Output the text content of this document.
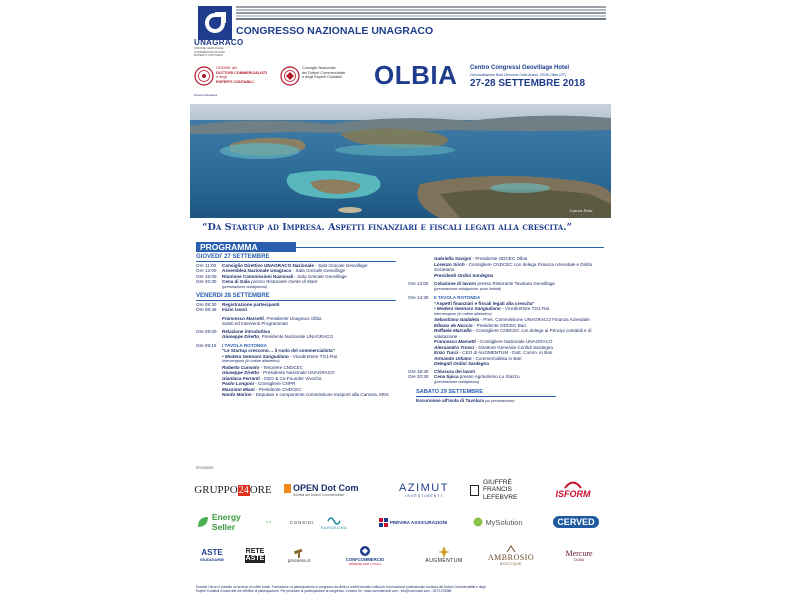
UNAGRACO
UNIONE NAZIONALE COMMERCIALISTI ED ESPERTI CONTABILI
CONGRESSO NAZIONALE UNAGRACO
ORDINE dei
DOTTORI COMMERCIALISTI
e degli
ESPERTI CONTABILI
Tempio Pausania
Consiglio Nazionale
dei Dottori Commercialisti
e degli Esperti Contabili OLBIA Centro Congressi Geovillage Hotel
Circonvallazione Nord Direzione Golfo Aranci, 07026 Olbia (OT)
27-28 SETTEMBRE 2018
Lanza Foto
“Da Startup ad Impresa. Aspetti finanziari e fiscali legati alla crescita.”
PROGRAMMA
GIOVEDI' 27 SETTEMBRE
Ore 11:00	Consiglio Direttivo UNAGRACO Nazionale - Sala Gracale Geovillage
Ore 12:00	Assemblea Nazionale Unagraco - Sala Grecale Geovillage
Ore 15:00	Riunione Commissioni Nazionali - Sala Grecale Geovillage
Ore 20:30	Cena di Gala presso Ristorante Gente di Mare
(prenotazione obbligatoria)
VENERDI 28 SETTEMBRE
Ore 08:30	Registrazione partecipanti
Ore 08:45	Inizio lavori
Francesco Marcetti, Presidente Unagraco Olbia
Saluti ed Interventi Programmati
Ore 09:00	Relazione introduttiva
Giuseppe Diretto, Presidente Nazionale UNAGRACO
Ore 09:15	I TAVOLA ROTONDA
“Le Startup crescono… il ruolo del commercialista”
• Modera Gennaro Sangiuliano - Vicedirettore TG1-Rai
Intervengono (in ordine alfabetico)
Roberto Cunsolo - Tesoriere CNDCEC
Giuseppe Diretto - Presidente Nazionale UNAGRACO
Gianluca Ferranti - CEO & Co-Founder Vivocha
Paolo Longoni - Consigliere CNPR
Massimo Miani - Presidente CNDCEC
Nardo Marino - Deputato e componente commissione trasporti alla Camera, M5S
Gabriella Savigni - Presidente ODCEC Olbia
Lorenzo Sirch - Consigliere CNDCEC con delega Finanza Aziendale e Diritto Societario
Presidenti Ordini Sardegna
Ore 13:00	Colazione di lavoro presso Ristorante Tavolara Geovillage
(prenotazione obbligatoria, posti limitati)
Ore 14:30	II TAVOLA ROTONDA
“Aspetti finanziari e fiscali legati alla crescita”
• Modera Gennaro Sangiuliano - Vicedirettore TG1-Rai
Intervengono (in ordine alfabetico)
Sebastiano Gadaleta - Pres. Commissione UNAGRACO Finanza Aziendale
Elbano de Nuccio - Presidente ODCEC Bari
Raffaele Marcello - Consigliere CNDCEC con delega ai Principi contabili e di valutazione
Francesco Marcetti - Consigliere Nazionale UNAGRACO
Alessandro Tronci - Direttore Generale Confidi Sardegna
Enzo Tucci - CEO di AUGMENTUM - Dott. Comm. in Bari
Armando Urbano - Commercialista in Bari
Delegati Ordini Sardegna
Ore 18:30	Chiusura dei lavori
Ore 20:30	Cena tipica presso Agriturismo Lu Stazzu
(prenotazione obbligatoria)
SABATO 29 SETTEMBRE
Escursione all'Isola di Tavolara (su prenotazione)
SPONSOR:
GRUPPO 24 ORE OPEN Dot Com
Società dei Dottori Commercialisti
AZIMUT
INVESTIMENTI
GIUFFRÈ
FRANCIS
LEFEBVRE	ISFORM
Energy Seller	S.r.l.	CONSIDI
SARDEGNA
PRÉVIRA ASSICURAZIONI	MySolution	CERVED
ASTE
GIUDIZIARIE
RETE
ASTE	processo.it	CONFCOMMERCIO
IMPRESE PER L'ITALIA	AUGMENTUM	AMBROSIO
BOUTIQUE
Mercure
OLBIA
Durante i lavori è previsto un servizio di coffee break. Formazione: la partecipazione al congresso da diritto a crediti formativi validi per la formazione professionale continua dei Dottori Commercialisti e degli
Esperti Contabili in base alle ore effettive di partecipazione. Per prenotare la partecipazione al congresso: Comma Srl - www.commaeventi.com - info@commasrl.com - 0873.376988
